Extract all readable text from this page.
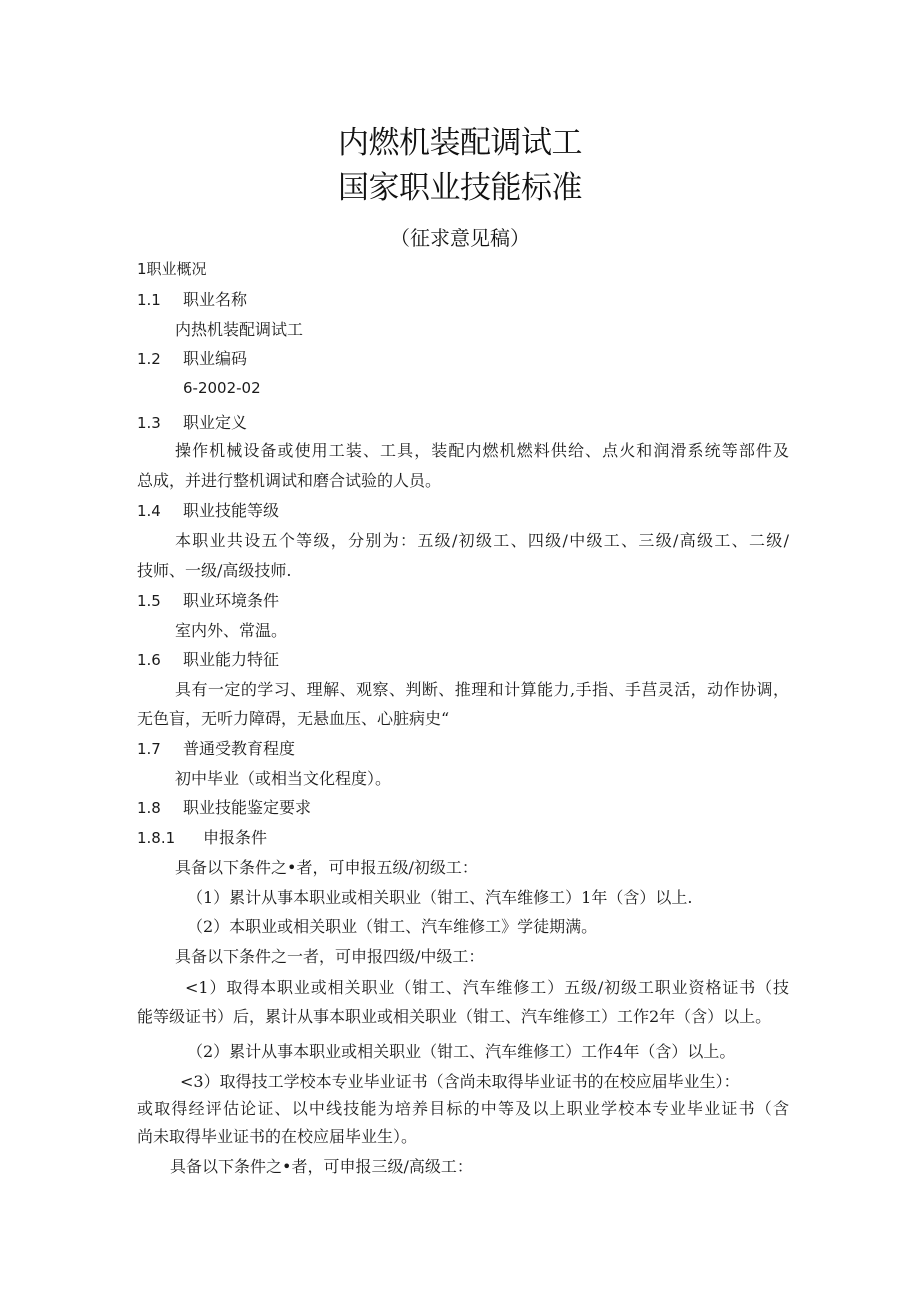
内燃机装配调试工
国家职业技能标准
（征求意见稿）
1职业概况
1.1 职业名称
内热机装配调试工
1.2 职业编码
6-2002-02
1.3 职业定义
操作机械设备或使用工装、工具，装配内燃机燃料供给、点火和润滑系统等部件及
总成，并进行整机调试和磨合试验的人员。
1.4 职业技能等级
本职业共设五个等级，分别为：五级/初级工、四级/中级工、三级/高级工、二级/
技师、一级/高级技师.
1.5 职业环境条件
室内外、常温。
1.6 职业能力特征
具有一定的学习、理解、观察、判断、推理和计算能力,手指、手莒灵活，动作协调，
无色盲，无听力障碍，无悬血压、心脏病史“
1.7 普通受教育程度
初中毕业（或相当文化程度）。
1.8 职业技能鉴定要求
1.8.1 申报条件
具备以下条件之•者，可申报五级/初级工：
（1）累计从事本职业或相关职业（钳工、汽车维修工）1年（含）以上.
（2）本职业或相关职业（钳工、汽车维修工》学徒期满。
具备以下条件之一者，可申报四级/中级工：
<1）取得本职业或相关职业（钳工、汽车维修工）五级/初级工职业资格证书（技
能等级证书）后，累计从事本职业或相关职业（钳工、汽车维修工）工作2年（含）以上。
（2）累计从事本职业或相关职业（钳工、汽车维修工）工作4年（含）以上。
<3）取得技工学校本专业毕业证书（含尚未取得毕业证书的在校应届毕业生）：
或取得经评估论证、以中线技能为培养目标的中等及以上职业学校本专业毕业证书（含
尚未取得毕业证书的在校应届毕业生）。
具备以下条件之•者，可申报三级/高级工：
